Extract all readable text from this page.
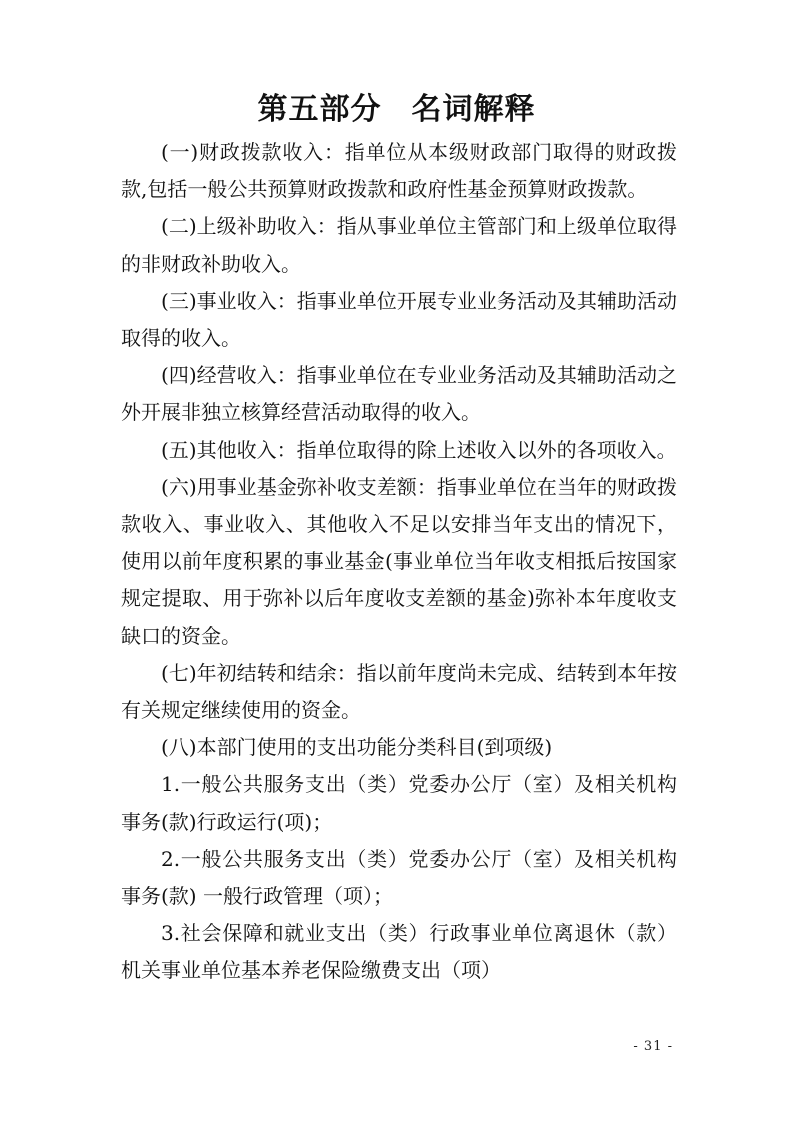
第五部分 名词解释

(一)财政拨款收入：指单位从本级财政部门取得的财政拨款,包括一般公共预算财政拨款和政府性基金预算财政拨款。

(二)上级补助收入：指从事业单位主管部门和上级单位取得的非财政补助收入。

(三)事业收入：指事业单位开展专业业务活动及其辅助活动取得的收入。

(四)经营收入：指事业单位在专业业务活动及其辅助活动之外开展非独立核算经营活动取得的收入。

(五)其他收入：指单位取得的除上述收入以外的各项收入。

(六)用事业基金弥补收支差额：指事业单位在当年的财政拨款收入、事业收入、其他收入不足以安排当年支出的情况下，使用以前年度积累的事业基金(事业单位当年收支相抵后按国家规定提取、用于弥补以后年度收支差额的基金)弥补本年度收支缺口的资金。

(七)年初结转和结余：指以前年度尚未完成、结转到本年按有关规定继续使用的资金。

(八)本部门使用的支出功能分类科目(到项级)

1.一般公共服务支出（类）党委办公厅（室）及相关机构事务(款)行政运行(项)；

2.一般公共服务支出（类）党委办公厅（室）及相关机构事务(款) 一般行政管理（项）；

3.社会保障和就业支出（类）行政事业单位离退休（款）机关事业单位基本养老保险缴费支出（项）

- 31 -
